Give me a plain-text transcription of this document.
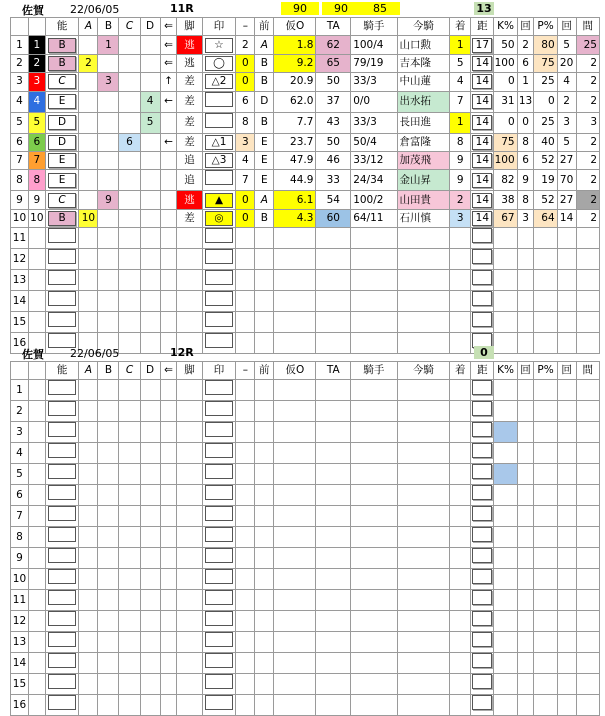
佐賀 22/06/05	11R	90	90	85	13
		能	A	B	C	D	⇐	脚	印	–	前	仮O	TA	騎手	今騎	着	距	K%	回	P%	回	間
1	1	B		1			⇐	逃	☆	2	A	1.8	62	100/4	山口勲	1	17	50	2	80	5	25
2	2	B	2				⇐	逃	◯	0	B	9.2	65	79/19	吉本隆	5	14	100	6	75	20	2
3	3	C		3			↑	差	△2	0	B	20.9	50	33/3	中山蓮	4	14	0	1	25	4	2
4	4	E				4	←	差		6	D	62.0	37	0/0	出水拓	7	14	31	13	0	2	2
5	5	D				5		差		8	B	7.7	43	33/3	長田進	1	14	0	0	25	3	3
6	6	D			6		←	差	△1	3	E	23.7	50	50/4	倉富隆	8	14	75	8	40	5	2
7	7	E						追	△3	4	E	47.9	46	33/12	加茂飛	9	14	100	6	52	27	2
8	8	E						追		7	E	44.9	33	24/34	金山昇	9	14	82	9	19	70	2
9	9	C		9				逃	▲	0	A	6.1	54	100/2	山田貴	2	14	38	8	52	27	2
10	10	B	10					差	◎	0	B	4.3	60	64/11	石川慎	3	14	67	3	64	14	2
11																						
12																						
13																						
14																						
15																						
16																						
佐賀 22/06/05	12R	0
		能	A	B	C	D	⇐	脚	印	–	前	仮O	TA	騎手	今騎	着	距	K%	回	P%	回	間
1																						
2																						
3																						
4																						
5																						
6																						
7																						
8																						
9																						
10																						
11																						
12																						
13																						
14																						
15																						
16																						
